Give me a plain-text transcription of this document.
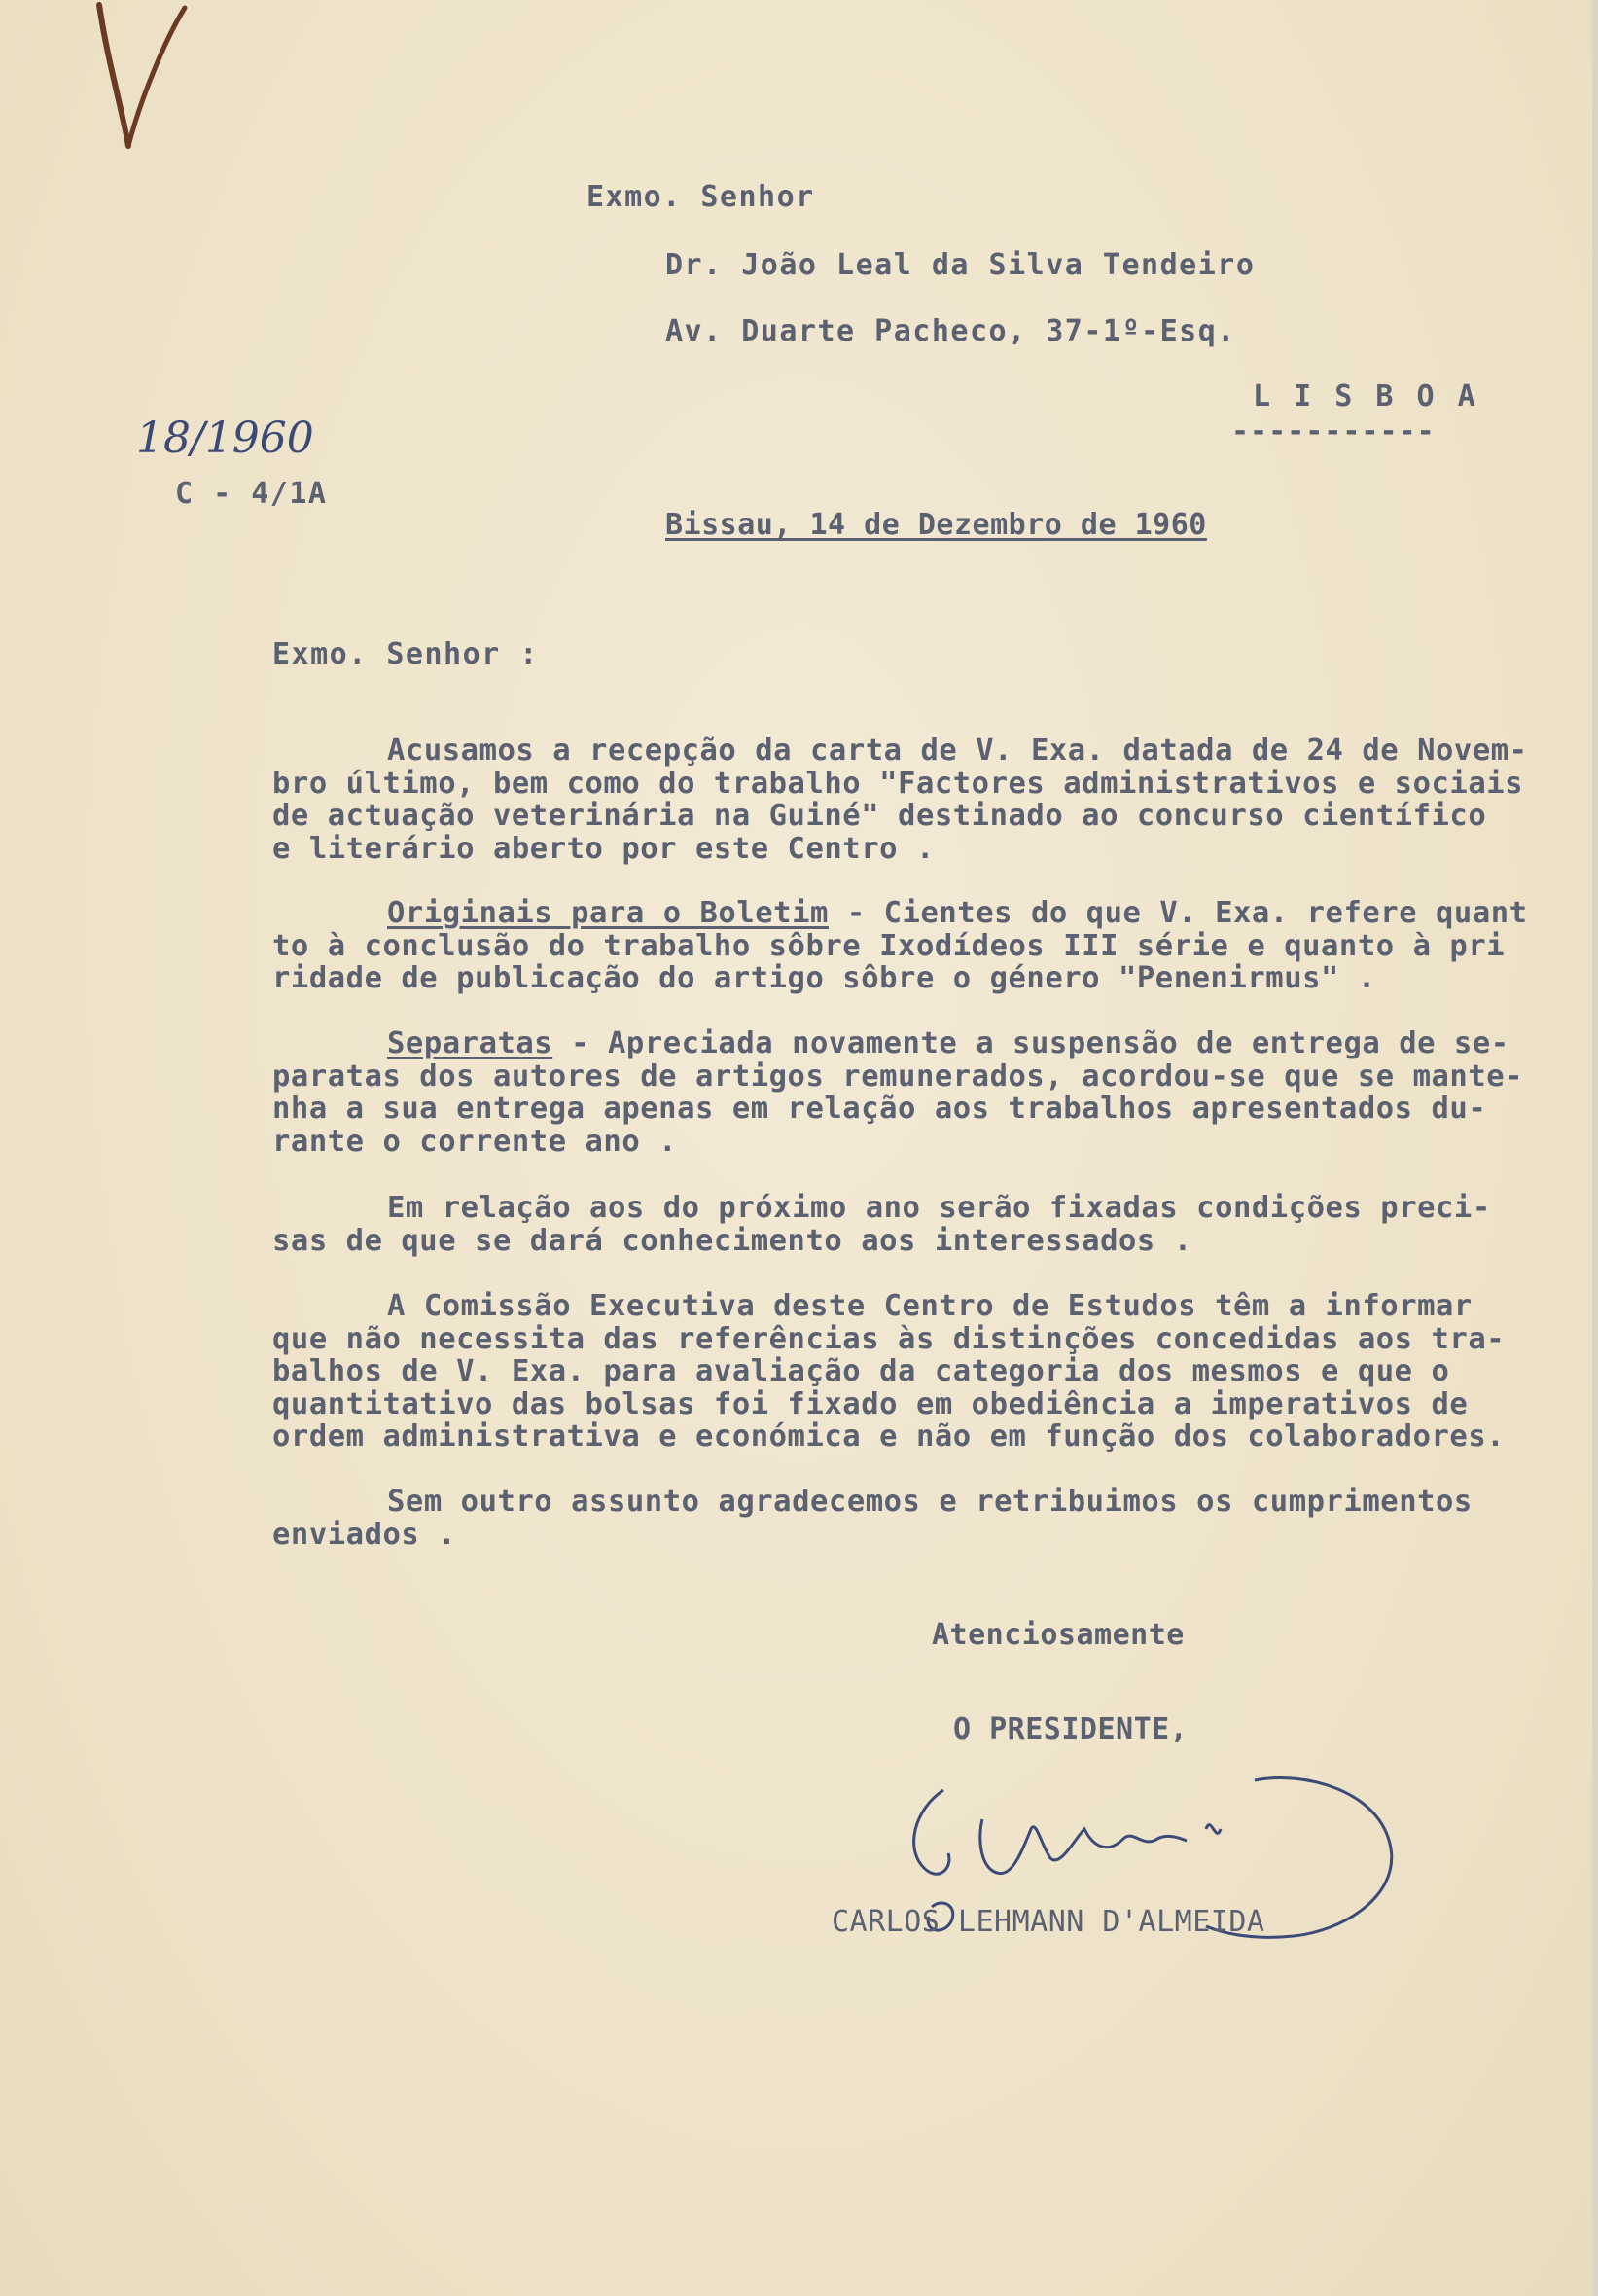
Exmo. Senhor
Dr. João Leal da Silva Tendeiro
Av. Duarte Pacheco, 37-1º-Esq.
L I S B O A
-----------
18/1960
C - 4/1A
Bissau, 14 de Dezembro de 1960
Exmo. Senhor :
Acusamos a recepção da carta de V. Exa. datada de 24 de Novem-
bro último, bem como do trabalho "Factores administrativos e sociais
de actuação veterinária na Guiné" destinado ao concurso científico
e literário aberto por este Centro .
Originais para o Boletim - Cientes do que V. Exa. refere quant
to à conclusão do trabalho sôbre Ixodídeos III série e quanto à pri
ridade de publicação do artigo sôbre o género "Penenirmus" .
Separatas - Apreciada novamente a suspensão de entrega de se-
paratas dos autores de artigos remunerados, acordou-se que se mante-
nha a sua entrega apenas em relação aos trabalhos apresentados du-
rante o corrente ano .
Em relação aos do próximo ano serão fixadas condições preci-
sas de que se dará conhecimento aos interessados .
A Comissão Executiva deste Centro de Estudos têm a informar
que não necessita das referências às distinções concedidas aos tra-
balhos de V. Exa. para avaliação da categoria dos mesmos e que o
quantitativo das bolsas foi fixado em obediência a imperativos de
ordem administrativa e económica e não em função dos colaboradores.
Sem outro assunto agradecemos e retribuimos os cumprimentos
enviados .
Atenciosamente
O PRESIDENTE,
CARLOS LEHMANN D'ALMEIDA
